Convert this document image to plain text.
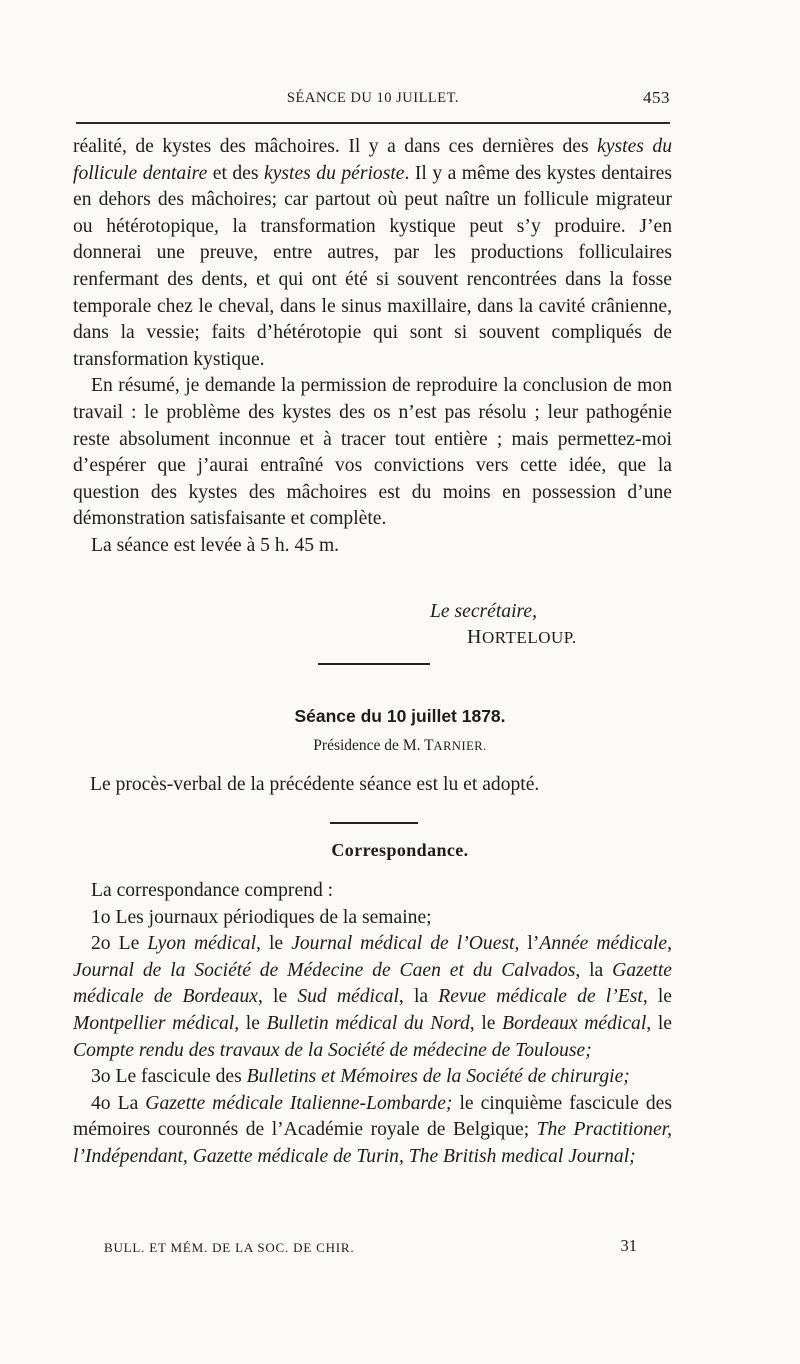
SÉANCE DU 10 JUILLET.	453

réalité, de kystes des mâchoires. Il y a dans ces dernières des kystes du follicule dentaire et des kystes du périoste. Il y a même des kystes dentaires en dehors des mâchoires; car partout où peut naître un follicule migrateur ou hétérotopique, la transformation kystique peut s’y produire. J’en donnerai une preuve, entre autres, par les productions folliculaires renfermant des dents, et qui ont été si souvent rencontrées dans la fosse temporale chez le cheval, dans le sinus maxillaire, dans la cavité crânienne, dans la vessie; faits d’hétérotopie qui sont si souvent compliqués de transformation kystique.

En résumé, je demande la permission de reproduire la conclusion de mon travail : le problème des kystes des os n’est pas résolu ; leur pathogénie reste absolument inconnue et à tracer tout entière ; mais permettez-moi d’espérer que j’aurai entraîné vos convictions vers cette idée, que la question des kystes des mâchoires est du moins en possession d’une démonstration satisfaisante et complète.

La séance est levée à 5 h. 45 m.

Le secrétaire,
HORTELOUP.
Séance du 10 juillet 1878.
Présidence de M. TARNIER.
Le procès-verbal de la précédente séance est lu et adopté.
Correspondance.

La correspondance comprend :

1o Les journaux périodiques de la semaine;

2o Le Lyon médical, le Journal médical de l’Ouest, l’Année médicale, Journal de la Société de Médecine de Caen et du Calvados, la Gazette médicale de Bordeaux, le Sud médical, la Revue médicale de l’Est, le Montpellier médical, le Bulletin médical du Nord, le Bordeaux médical, le Compte rendu des travaux de la Société de médecine de Toulouse;

3o Le fascicule des Bulletins et Mémoires de la Société de chirurgie;

4o La Gazette médicale Italienne-Lombarde; le cinquième fascicule des mémoires couronnés de l’Académie royale de Belgique; The Practitioner, l’Indépendant, Gazette médicale de Turin, The British medical Journal;

BULL. ET MÉM. DE LA SOC. DE CHIR.	31
